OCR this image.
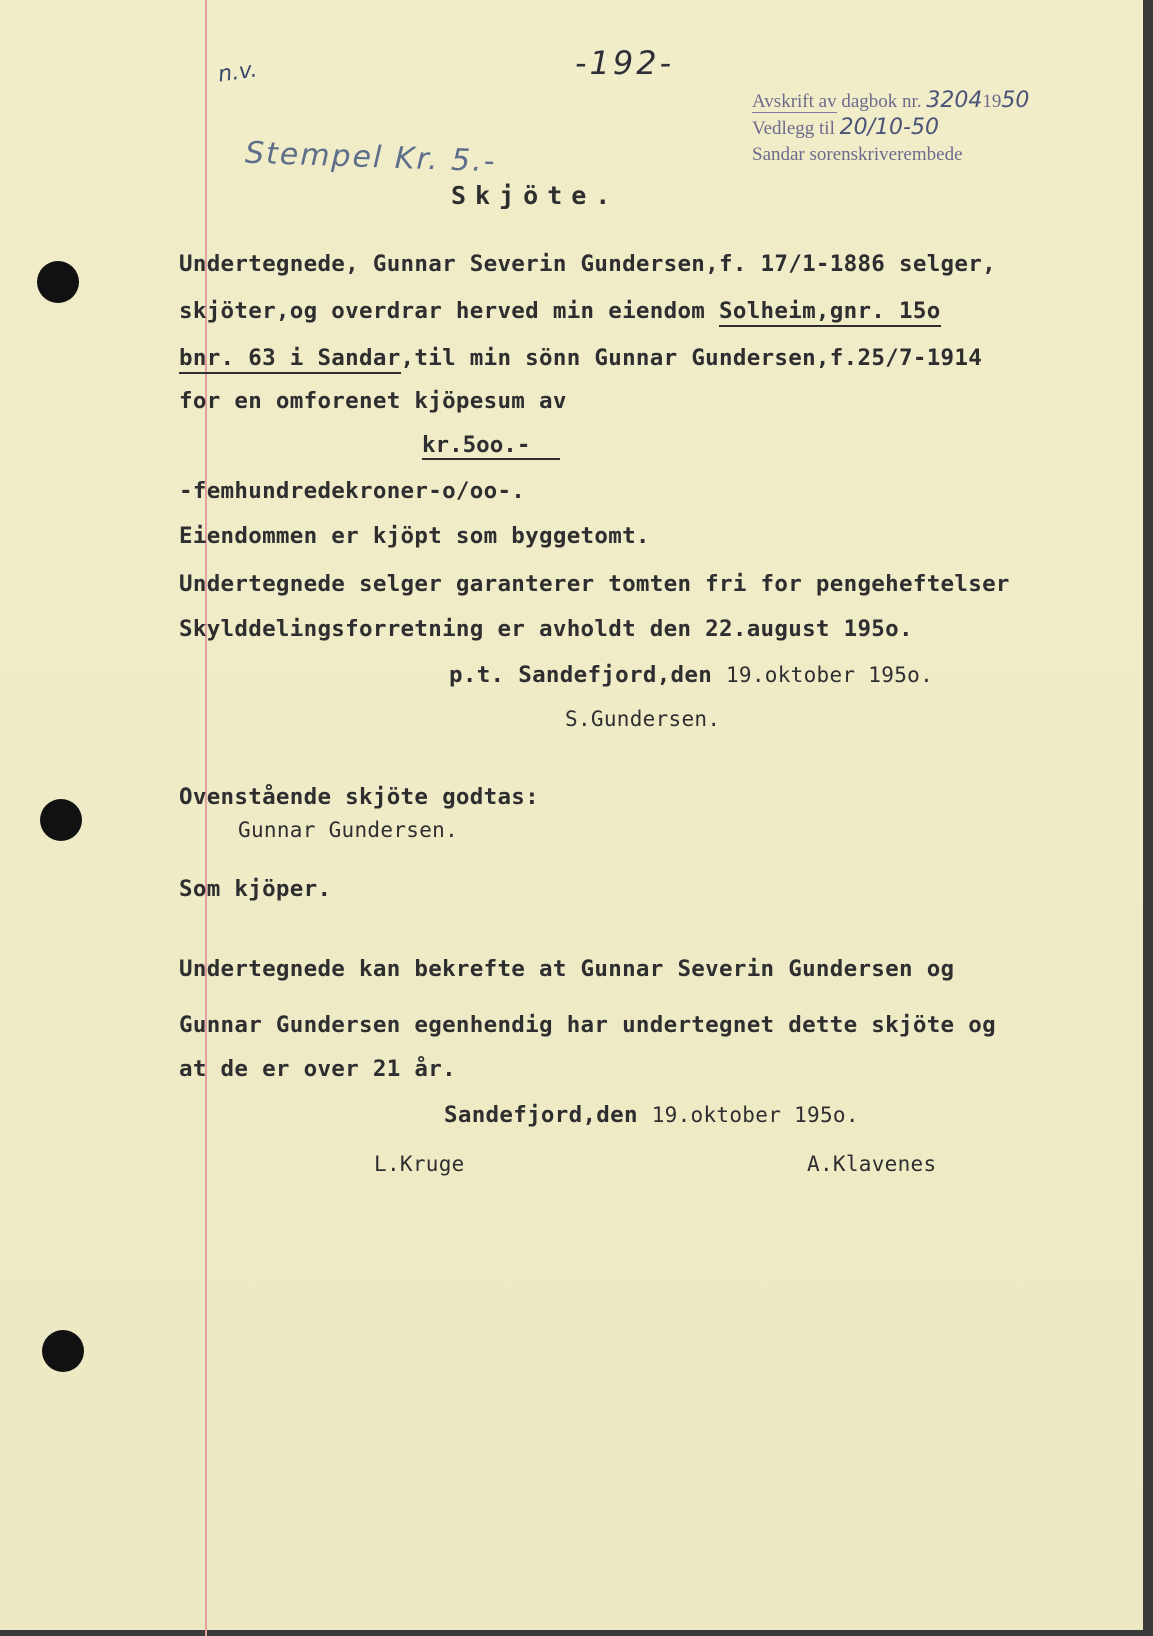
n.v.	-192-
Stempel Kr. 5.-
Avskrift av dagbok nr. 32041950
Vedlegg til 20/10-50
Sandar sorenskriverembede
Skjöte.
Undertegnede, Gunnar Severin Gundersen,f. 17/1-1886 selger,
skjöter,og overdrar herved min eiendom Solheim,gnr. 15o
bnr. 63 i Sandar,til min sönn Gunnar Gundersen,f.25/7-1914
for en omforenet kjöpesum av
kr.5oo.-
-femhundredekroner-o/oo-.
Eiendommen er kjöpt som byggetomt.
Undertegnede selger garanterer tomten fri for pengeheftelser
Skylddelingsforretning er avholdt den 22.august 195o.
p.t. Sandefjord,den 19.oktober 195o.
S.Gundersen.
Ovenstående skjöte godtas:
Gunnar Gundersen.
Som kjöper.
Undertegnede kan bekrefte at Gunnar Severin Gundersen og
Gunnar Gundersen egenhendig har undertegnet dette skjöte og
at de er over 21 år.
Sandefjord,den 19.oktober 195o.
L.Kruge	A.Klavenes
